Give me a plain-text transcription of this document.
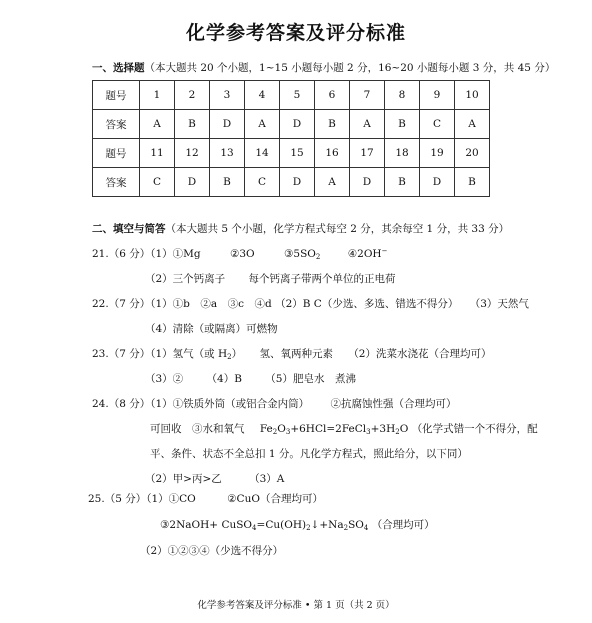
化学参考答案及评分标准
一、选择题（本大题共 20 个小题，1~15 小题每小题 2 分，16~20 小题每小题 3 分，共 45 分）
题号	1	2	3	4	5	6	7	8	9	10
答案	A	B	D	A	D	B	A	B	C	A
题号	11	12	13	14	15	16	17	18	19	20
答案	C	D	B	C	D	A	D	B	D	B
二、填空与简答（本大题共 5 个小题，化学方程式每空 2 分，其余每空 1 分，共 33 分）
21.（6 分）（1）①Mg	②3O	$③5SO_2$	④2OH−
（2）三个钙离子 每个钙离子带两个单位的正电荷
22.（7 分）（1）①b　②a　③c　④d （2）B C（少选、多选、错选不得分） （3）天然气
（4）清除（或隔离）可燃物
23.（7 分）（1）氢气（或 $H_2$） 氢、氧两种元素 （2）洗菜水浇花（合理均可）
（3）② （4）B （5）肥皂水　煮沸
24.（8 分）（1）①铁质外筒（或铝合金内筒） ②抗腐蚀性强（合理均可）
可回收　③水和氧气 $Fe_2O_3+6HCl=2FeCl_3+3H_2O$ （化学式错一个不得分，配
平、条件、状态不全总扣 1 分。凡化学方程式，照此给分，以下同）
（2）甲>丙>乙	（3）A
25.（5 分）（1）①CO	②CuO（合理均可）
③2NaOH+ $CuSO_4=Cu(OH)_2↓+Na_2SO_4$ （合理均可）
（2）①②③④（少选不得分）
化学参考答案及评分标准 • 第 1 页（共 2 页）
